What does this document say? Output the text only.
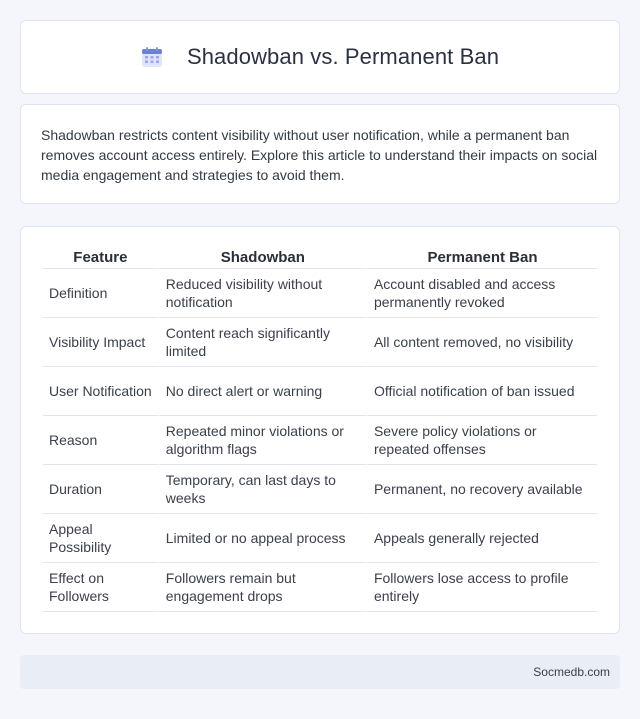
Shadowban vs. Permanent Ban

Shadowban restricts content visibility without user notification, while a permanent ban removes account access entirely. Explore this article to understand their impacts on social media engagement and strategies to avoid them.

Feature	Shadowban	Permanent Ban
Definition	Reduced visibility without notification	Account disabled and access permanently revoked
Visibility Impact	Content reach significantly limited	All content removed, no visibility
User Notification	No direct alert or warning	Official notification of ban issued
Reason	Repeated minor violations or algorithm flags	Severe policy violations or repeated offenses
Duration	Temporary, can last days to weeks	Permanent, no recovery available
Appeal Possibility	Limited or no appeal process	Appeals generally rejected
Effect on Followers	Followers remain but engagement drops	Followers lose access to profile entirely
Socmedb.com
